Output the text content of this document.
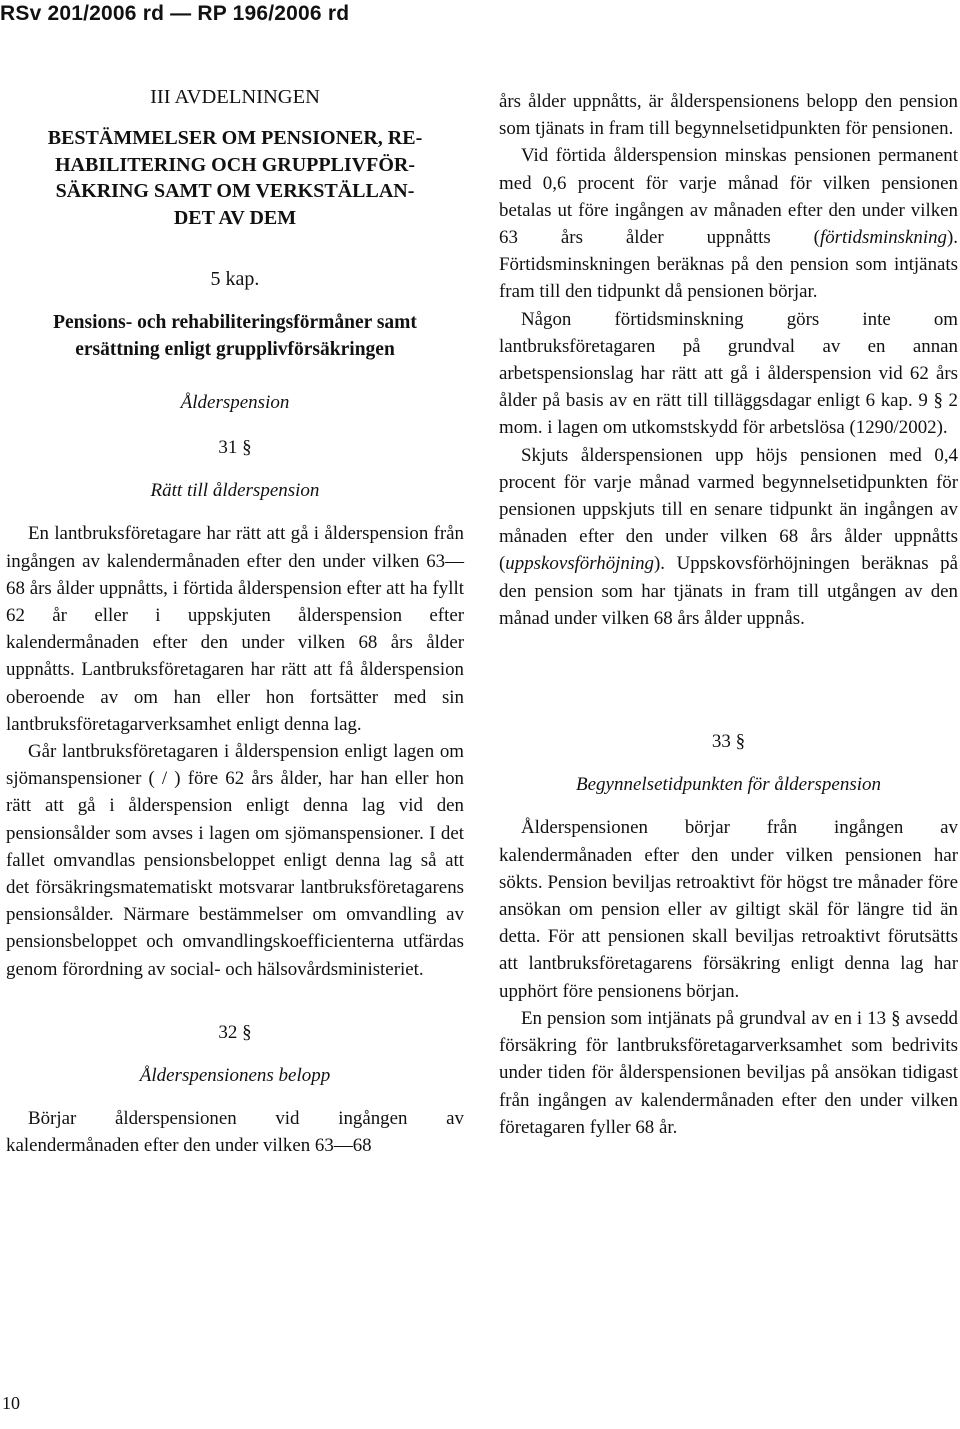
RSv 201/2006 rd — RP 196/2006 rd

III AVDELNINGEN

BESTÄMMELSER OM PENSIONER, RE-
HABILITERING OCH GRUPPLIVFÖR-
SÄKRING SAMT OM VERKSTÄLLAN-
DET AV DEM

5 kap.

Pensions- och rehabiliteringsförmåner samt
ersättning enligt grupplivförsäkringen

Ålderspension

31 §

Rätt till ålderspension

En lantbruksföretagare har rätt att gå i ålderspension från ingången av kalendermånaden efter den under vilken 63—68 års ålder uppnåtts, i förtida ålderspension efter att ha fyllt 62 år eller i uppskjuten ålderspension efter kalendermånaden efter den under vilken 68 års ålder uppnåtts. Lantbruksföretagaren har rätt att få ålderspension oberoende av om han eller hon fortsätter med sin lantbruksföretagarverksamhet enligt denna lag.

Går lantbruksföretagaren i ålderspension enligt lagen om sjömanspensioner ( / ) före 62 års ålder, har han eller hon rätt att gå i ålderspension enligt denna lag vid den pensionsålder som avses i lagen om sjömanspensioner. I det fallet omvandlas pensionsbeloppet enligt denna lag så att det försäkringsmatematiskt motsvarar lantbruksföretagarens pensionsålder. Närmare bestämmelser om omvandling av pensionsbeloppet och omvandlingskoefficienterna utfärdas genom förordning av social- och hälsovårdsministeriet.

32 §

Ålderspensionens belopp

Börjar ålderspensionen vid ingången av kalendermånaden efter den under vilken 63—68

års ålder uppnåtts, är ålderspensionens belopp den pension som tjänats in fram till begynnelsetidpunkten för pensionen.

Vid förtida ålderspension minskas pensionen permanent med 0,6 procent för varje månad för vilken pensionen betalas ut före ingången av månaden efter den under vilken 63 års ålder uppnåtts (förtidsminskning). Förtidsminskningen beräknas på den pension som intjänats fram till den tidpunkt då pensionen börjar.

Någon förtidsminskning görs inte om lantbruksföretagaren på grundval av en annan arbetspensionslag har rätt att gå i ålderspension vid 62 års ålder på basis av en rätt till tilläggsdagar enligt 6 kap. 9 § 2 mom. i lagen om utkomstskydd för arbetslösa (1290/2002).

Skjuts ålderspensionen upp höjs pensionen med 0,4 procent för varje månad varmed begynnelsetidpunkten för pensionen uppskjuts till en senare tidpunkt än ingången av månaden efter den under vilken 68 års ålder uppnåtts (uppskovsförhöjning). Uppskovsförhöjningen beräknas på den pension som har tjänats in fram till utgången av den månad under vilken 68 års ålder uppnås.

33 §

Begynnelsetidpunkten för ålderspension

Ålderspensionen börjar från ingången av kalendermånaden efter den under vilken pensionen har sökts. Pension beviljas retroaktivt för högst tre månader före ansökan om pension eller av giltigt skäl för längre tid än detta. För att pensionen skall beviljas retroaktivt förutsätts att lantbruksföretagarens försäkring enligt denna lag har upphört före pensionens början.

En pension som intjänats på grundval av en i 13 § avsedd försäkring för lantbruksföretagarverksamhet som bedrivits under tiden för ålderspensionen beviljas på ansökan tidigast från ingången av kalendermånaden efter den under vilken företagaren fyller 68 år.

10
